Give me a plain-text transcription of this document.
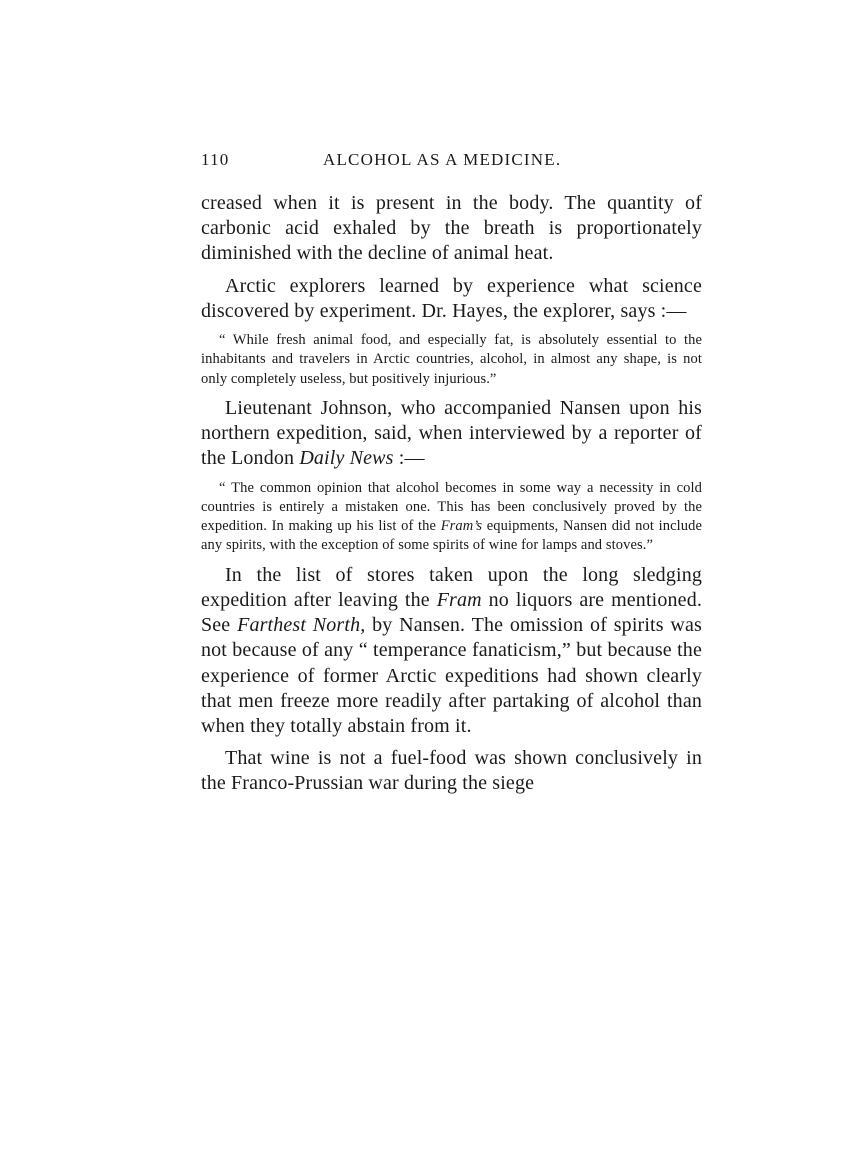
110	ALCOHOL AS A MEDICINE.

creased when it is present in the body. The quantity of carbonic acid exhaled by the breath is proportionately diminished with the decline of animal heat.

Arctic explorers learned by experience what science discovered by experiment. Dr. Hayes, the explorer, says :—

“ While fresh animal food, and especially fat, is absolutely essential to the inhabitants and travelers in Arctic countries, alcohol, in almost any shape, is not only completely useless, but positively injurious.”

Lieutenant Johnson, who accompanied Nansen upon his northern expedition, said, when interviewed by a reporter of the London Daily News :—

“ The common opinion that alcohol becomes in some way a necessity in cold countries is entirely a mistaken one. This has been conclusively proved by the expedition. In making up his list of the Fram’s equipments, Nansen did not include any spirits, with the exception of some spirits of wine for lamps and stoves.”

In the list of stores taken upon the long sledging expedition after leaving the Fram no liquors are mentioned. See Farthest North, by Nansen. The omission of spirits was not because of any “ temperance fanaticism,” but because the experience of former Arctic expeditions had shown clearly that men freeze more readily after partaking of alcohol than when they totally abstain from it.

That wine is not a fuel-food was shown conclusively in the Franco-Prussian war during the siege
